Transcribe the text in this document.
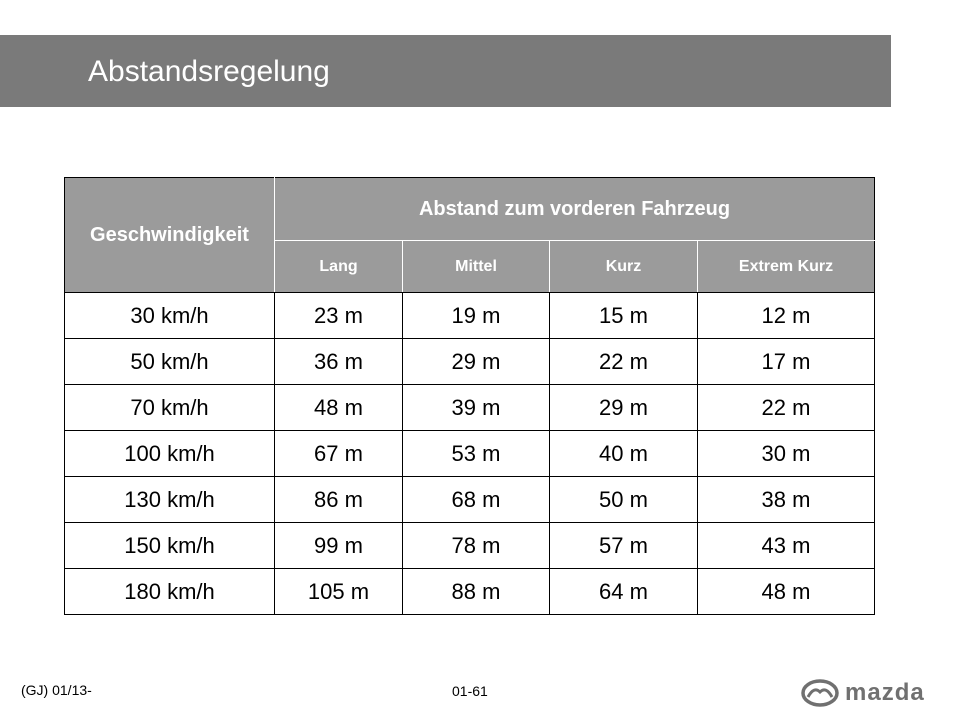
Abstandsregelung
Geschwindigkeit	Abstand zum vorderen Fahrzeug			
	Lang	Mittel	Kurz	Extrem Kurz
30 km/h	23 m	19 m	15 m	12 m
50 km/h	36 m	29 m	22 m	17 m
70 km/h	48 m	39 m	29 m	22 m
100 km/h	67 m	53 m	40 m	30 m
130 km/h	86 m	68 m	50 m	38 m
150 km/h	99 m	78 m	57 m	43 m
180 km/h	105 m	88 m	64 m	48 m
(GJ) 01/13-	01-61	mazda
